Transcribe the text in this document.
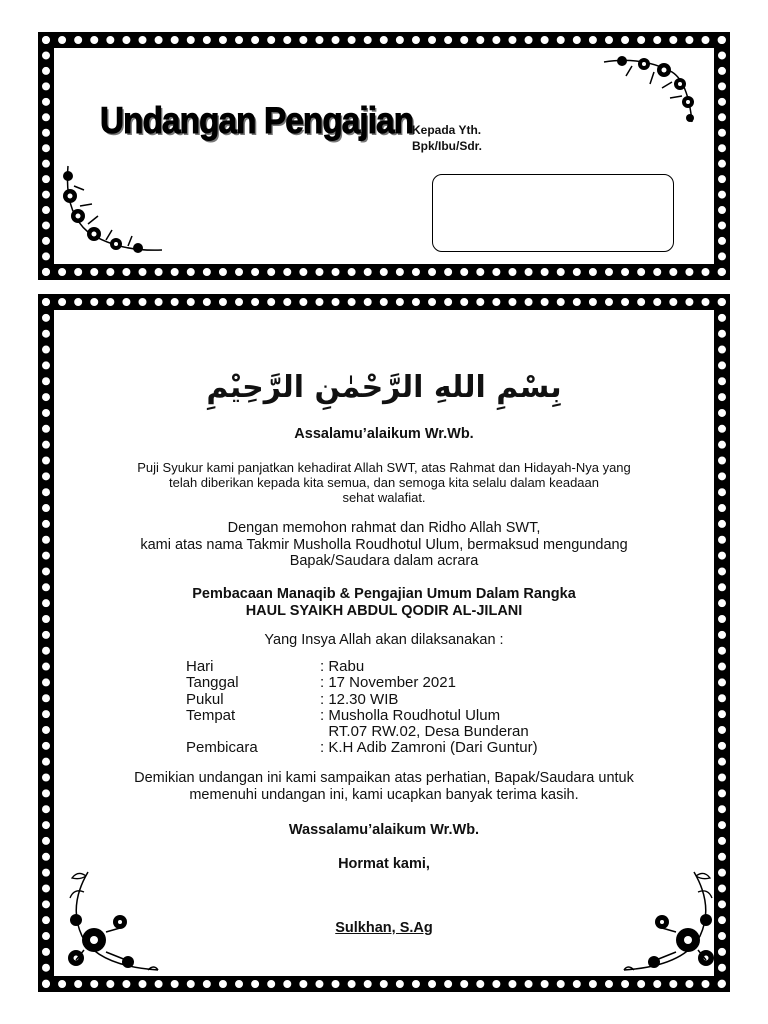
Undangan Pengajian
Kepada Yth.
Bpk/Ibu/Sdr.
بِسْمِ اللهِ الرَّحْمٰنِ الرَّحِيْمِ
Assalamu’alaikum Wr.Wb.
Puji Syukur kami panjatkan kehadirat Allah SWT, atas Rahmat dan Hidayah-Nya yang
telah diberikan kepada kita semua, dan semoga kita selalu dalam keadaan
sehat walafiat.
Dengan memohon rahmat dan Ridho Allah SWT,
kami atas nama Takmir Musholla Roudhotul Ulum, bermaksud mengundang
Bapak/Saudara dalam acrara
Pembacaan Manaqib & Pengajian Umum Dalam Rangka
HAUL SYAIKH ABDUL QODIR AL-JILANI
Yang Insya Allah akan dilaksanakan :
Hari	: Rabu
Tanggal	: 17 November 2021
Pukul	: 12.30 WIB
Tempat	: Musholla Roudhotul Ulum
RT.07 RW.02, Desa Bunderan
Pembicara	: K.H Adib Zamroni (Dari Guntur)
Demikian undangan ini kami sampaikan atas perhatian, Bapak/Saudara untuk
memenuhi undangan ini, kami ucapkan banyak terima kasih.
Wassalamu’alaikum Wr.Wb.
Hormat kami,
Sulkhan, S.Ag
